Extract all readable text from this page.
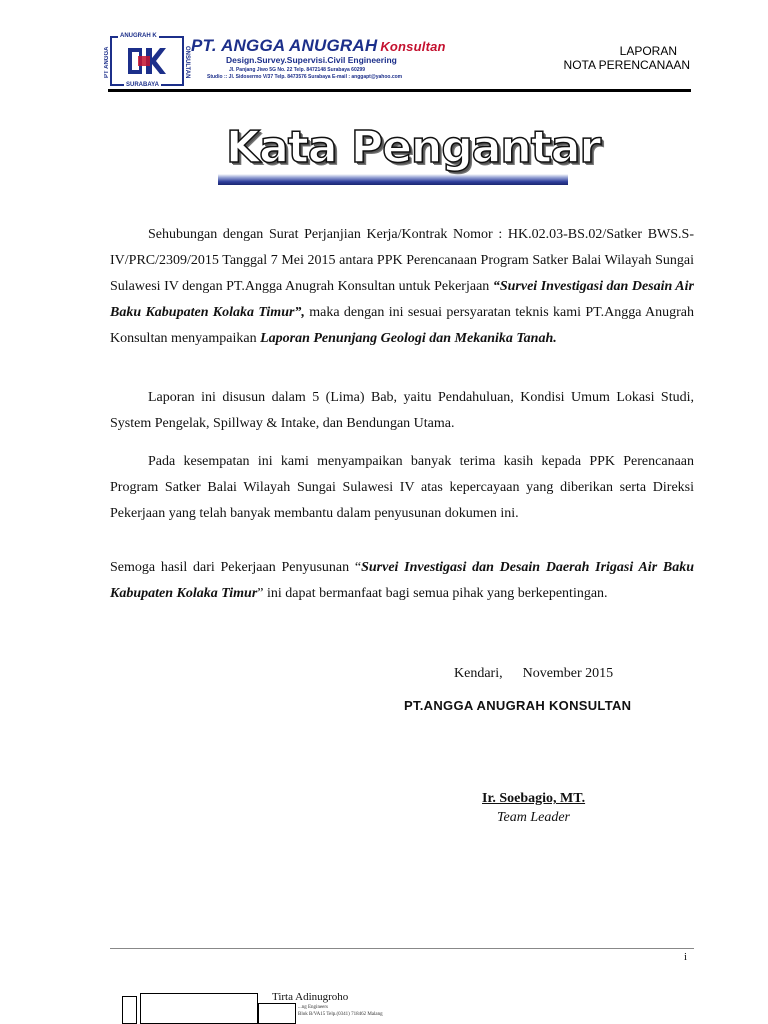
ANUGRAH K
PT ANGGA	ONSULTAN
SURABAYA
PT. ANGGA ANUGRAH Konsultan
Design.Survey.Supervisi.Civil Engineering
Jl. Panjang Jiwo 5G No. 22 Telp. 8472148 Surabaya 60299
Studio :: Jl. Sidosermo V/37 Telp. 8473576 Surabaya E-mail : anggapt@yahoo.com
LAPORAN
NOTA PERENCANAAN
Kata Pengantar
Sehubungan dengan Surat Perjanjian Kerja/Kontrak Nomor : HK.02.03-BS.02/Satker BWS.S-IV/PRC/2309/2015 Tanggal 7 Mei 2015 antara PPK Perencanaan Program Satker Balai Wilayah Sungai Sulawesi IV dengan PT.Angga Anugrah Konsultan untuk Pekerjaan “Survei Investigasi dan Desain Air Baku Kabupaten Kolaka Timur”, maka dengan ini sesuai persyaratan teknis kami PT.Angga Anugrah Konsultan menyampaikan Laporan Penunjang Geologi dan Mekanika Tanah.
Laporan ini disusun dalam 5 (Lima) Bab, yaitu Pendahuluan, Kondisi Umum Lokasi Studi, System Pengelak, Spillway & Intake, dan Bendungan Utama.
Pada kesempatan ini kami menyampaikan banyak terima kasih kepada PPK Perencanaan Program Satker Balai Wilayah Sungai Sulawesi IV atas kepercayaan yang diberikan serta Direksi Pekerjaan yang telah banyak membantu dalam penyusunan dokumen ini.
Semoga hasil dari Pekerjaan Penyusunan “Survei Investigasi dan Desain Daerah Irigasi Air Baku Kabupaten Kolaka Timur” ini dapat bermanfaat bagi semua pihak yang berkepentingan.
Kendari, November 2015
PT.ANGGA ANUGRAH KONSULTAN
Ir. Soebagio, MT.
Team Leader
i
Tirta Adinugroho
...ng Engineers
Blok B/VA15 Telp.(0341) 718462 Malang
